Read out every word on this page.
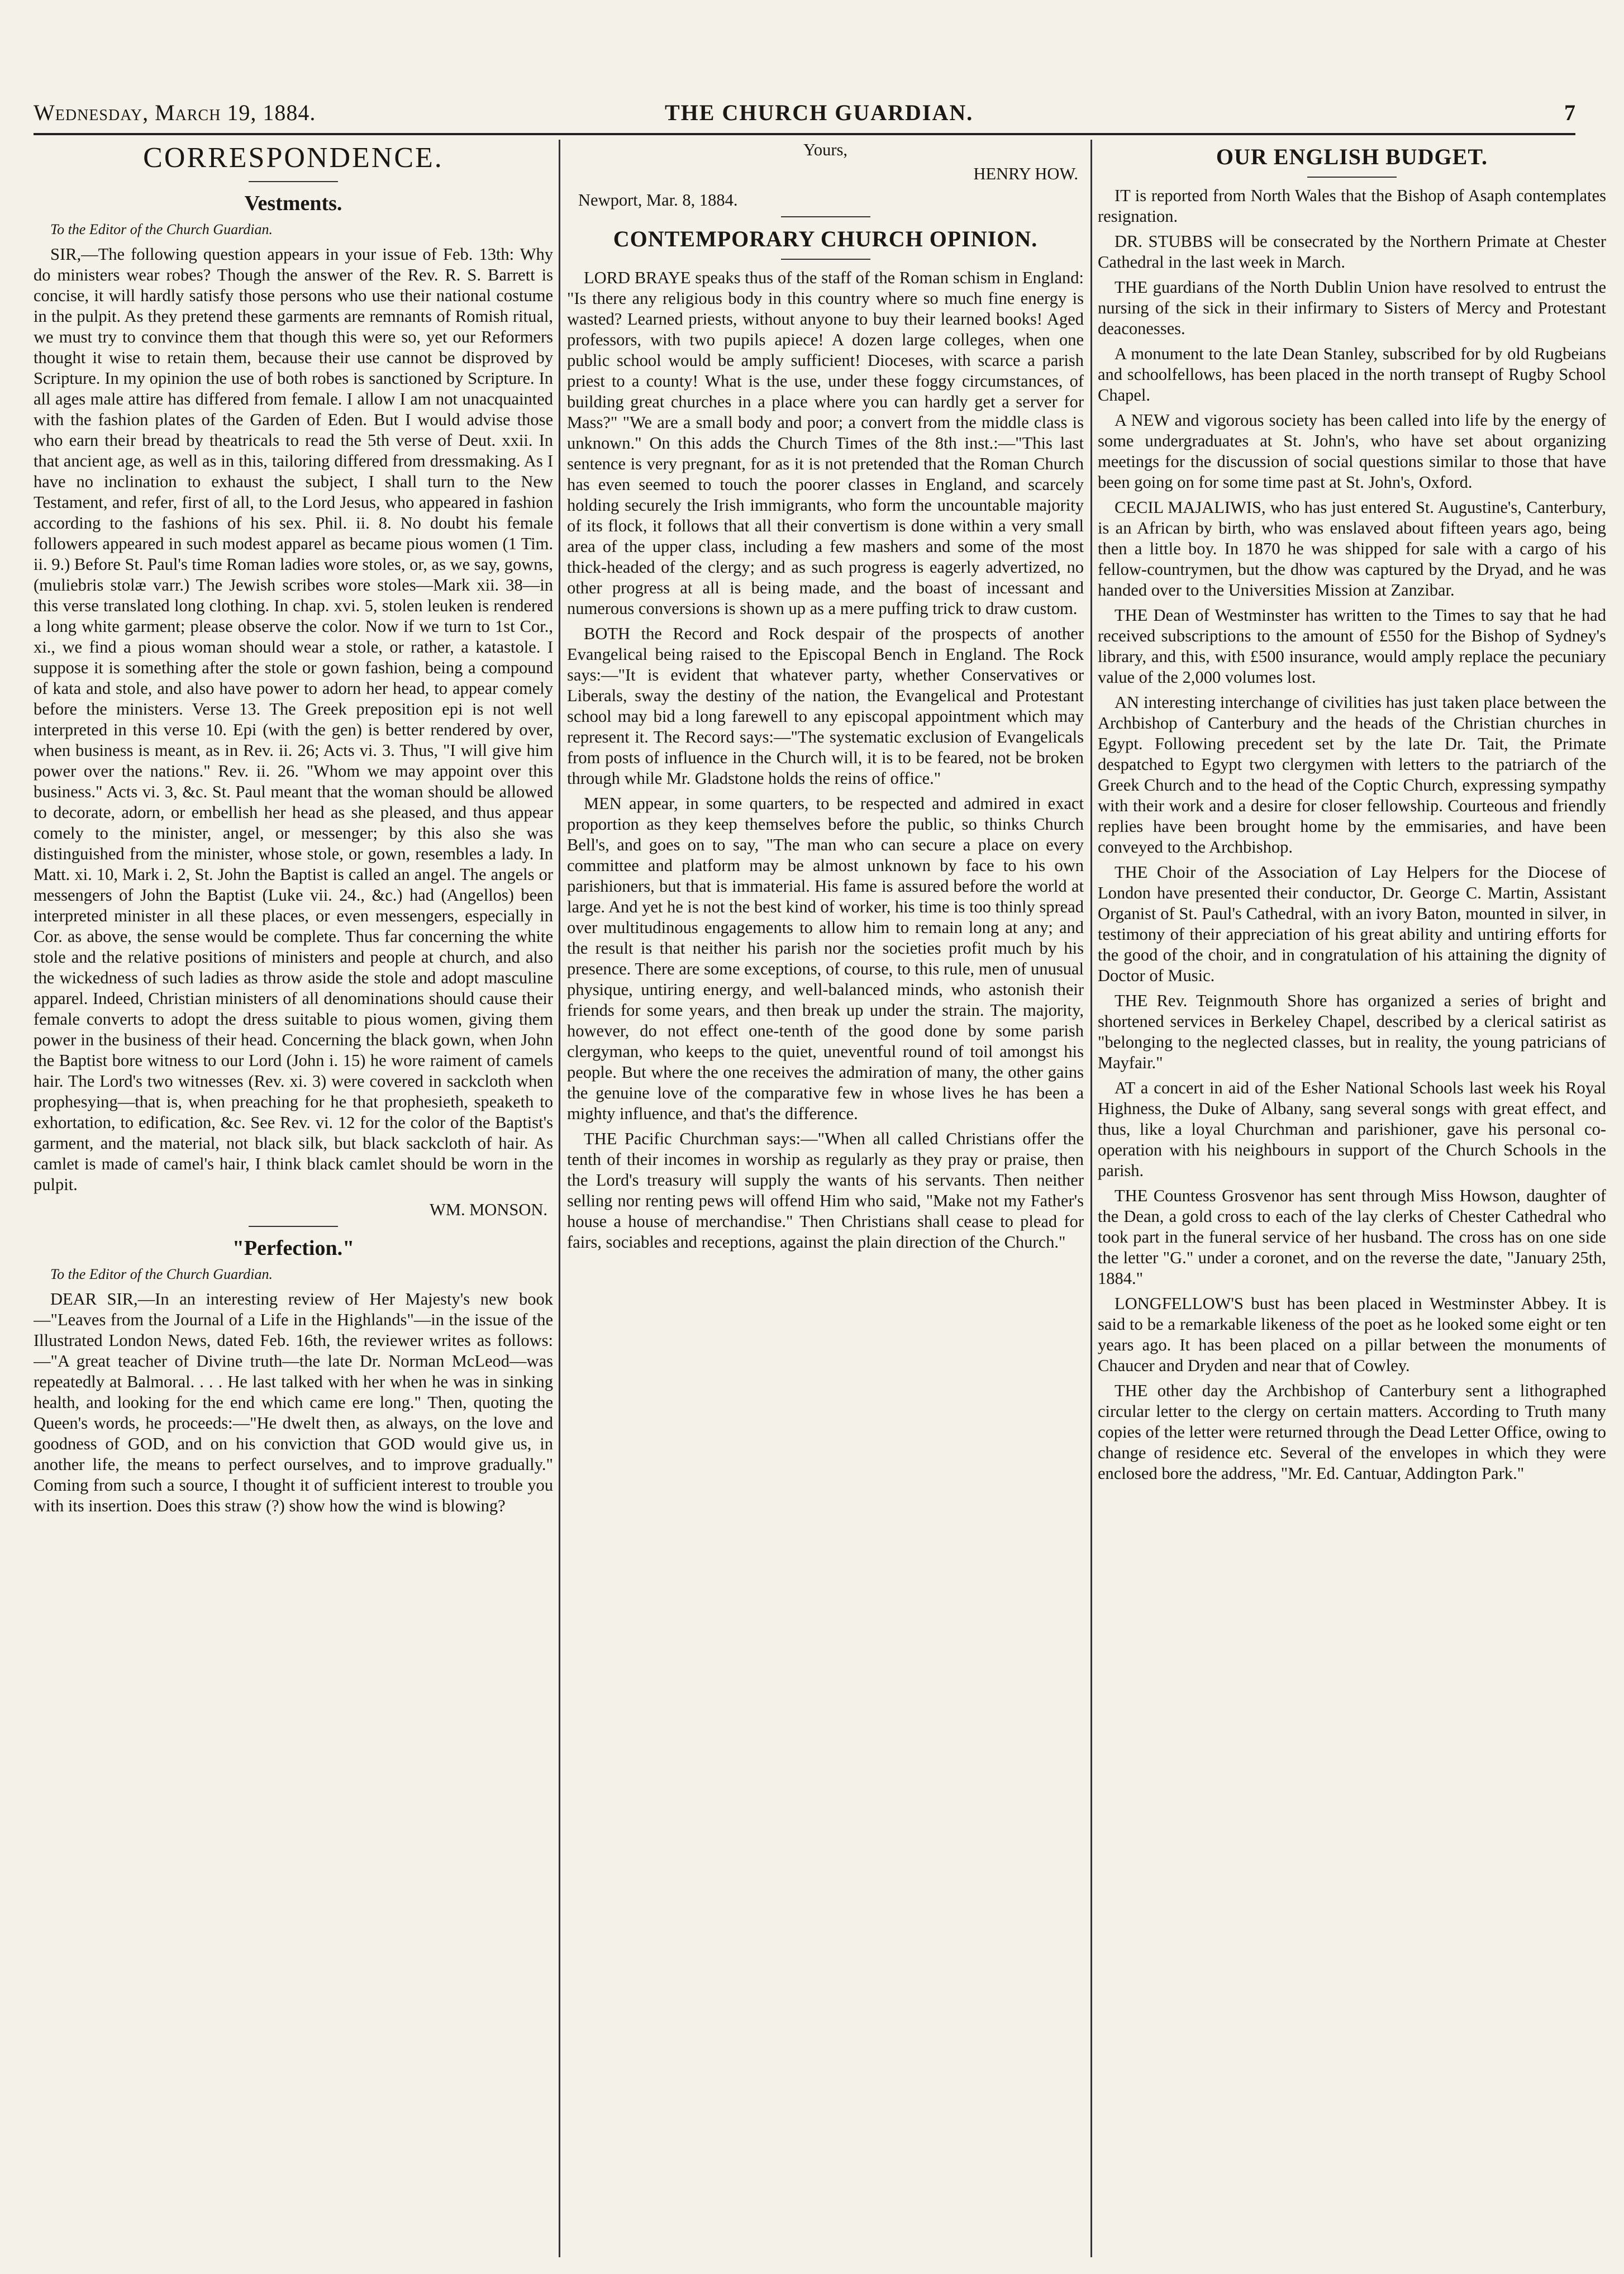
Wednesday, March 19, 1884.	THE CHURCH GUARDIAN.	7
CORRESPONDENCE.
Vestments.

To the Editor of the Church Guardian.

SIR,—The following question appears in your issue of Feb. 13th: Why do ministers wear robes? Though the answer of the Rev. R. S. Barrett is concise, it will hardly satisfy those persons who use their national costume in the pulpit. As they pretend these garments are remnants of Romish ritual, we must try to convince them that though this were so, yet our Reformers thought it wise to retain them, because their use cannot be disproved by Scripture. In my opinion the use of both robes is sanctioned by Scripture. In all ages male attire has differed from female. I allow I am not unacquainted with the fashion plates of the Garden of Eden. But I would advise those who earn their bread by theatricals to read the 5th verse of Deut. xxii. In that ancient age, as well as in this, tailoring differed from dressmaking. As I have no inclination to exhaust the subject, I shall turn to the New Testament, and refer, first of all, to the Lord Jesus, who appeared in fashion according to the fashions of his sex. Phil. ii. 8. No doubt his female followers appeared in such modest apparel as became pious women (1 Tim. ii. 9.) Before St. Paul's time Roman ladies wore stoles, or, as we say, gowns, (muliebris stolæ varr.) The Jewish scribes wore stoles—Mark xii. 38—in this verse translated long clothing. In chap. xvi. 5, stolen leuken is rendered a long white garment; please observe the color. Now if we turn to 1st Cor., xi., we find a pious woman should wear a stole, or rather, a katastole. I suppose it is something after the stole or gown fashion, being a compound of kata and stole, and also have power to adorn her head, to appear comely before the ministers. Verse 13. The Greek preposition epi is not well interpreted in this verse 10. Epi (with the gen) is better rendered by over, when business is meant, as in Rev. ii. 26; Acts vi. 3. Thus, "I will give him power over the nations." Rev. ii. 26. "Whom we may appoint over this business." Acts vi. 3, &c. St. Paul meant that the woman should be allowed to decorate, adorn, or embellish her head as she pleased, and thus appear comely to the minister, angel, or messenger; by this also she was distinguished from the minister, whose stole, or gown, resembles a lady. In Matt. xi. 10, Mark i. 2, St. John the Baptist is called an angel. The angels or messengers of John the Baptist (Luke vii. 24., &c.) had (Angellos) been interpreted minister in all these places, or even messengers, especially in Cor. as above, the sense would be complete. Thus far concerning the white stole and the relative positions of ministers and people at church, and also the wickedness of such ladies as throw aside the stole and adopt masculine apparel. Indeed, Christian ministers of all denominations should cause their female converts to adopt the dress suitable to pious women, giving them power in the business of their head. Concerning the black gown, when John the Baptist bore witness to our Lord (John i. 15) he wore raiment of camels hair. The Lord's two witnesses (Rev. xi. 3) were covered in sackcloth when prophesying—that is, when preaching for he that prophesieth, speaketh to exhortation, to edification, &c. See Rev. vi. 12 for the color of the Baptist's garment, and the material, not black silk, but black sackcloth of hair. As camlet is made of camel's hair, I think black camlet should be worn in the pulpit.

WM. MONSON.
"Perfection."

To the Editor of the Church Guardian.

DEAR SIR,—In an interesting review of Her Majesty's new book—"Leaves from the Journal of a Life in the Highlands"—in the issue of the Illustrated London News, dated Feb. 16th, the reviewer writes as follows:—"A great teacher of Divine truth—the late Dr. Norman McLeod—was repeatedly at Balmoral. . . . He last talked with her when he was in sinking health, and looking for the end which came ere long." Then, quoting the Queen's words, he proceeds:—"He dwelt then, as always, on the love and goodness of GOD, and on his conviction that GOD would give us, in another life, the means to perfect ourselves, and to improve gradually." Coming from such a source, I thought it of sufficient interest to trouble you with its insertion. Does this straw (?) show how the wind is blowing?

Yours,
HENRY HOW.
Newport, Mar. 8, 1884.
CONTEMPORARY CHURCH OPINION.

LORD BRAYE speaks thus of the staff of the Roman schism in England: "Is there any religious body in this country where so much fine energy is wasted? Learned priests, without anyone to buy their learned books! Aged professors, with two pupils apiece! A dozen large colleges, when one public school would be amply sufficient! Dioceses, with scarce a parish priest to a county! What is the use, under these foggy circumstances, of building great churches in a place where you can hardly get a server for Mass?" "We are a small body and poor; a convert from the middle class is unknown." On this adds the Church Times of the 8th inst.:—"This last sentence is very pregnant, for as it is not pretended that the Roman Church has even seemed to touch the poorer classes in England, and scarcely holding securely the Irish immigrants, who form the uncountable majority of its flock, it follows that all their convertism is done within a very small area of the upper class, including a few mashers and some of the most thick-headed of the clergy; and as such progress is eagerly advertized, no other progress at all is being made, and the boast of incessant and numerous conversions is shown up as a mere puffing trick to draw custom.

BOTH the Record and Rock despair of the prospects of another Evangelical being raised to the Episcopal Bench in England. The Rock says:—"It is evident that whatever party, whether Conservatives or Liberals, sway the destiny of the nation, the Evangelical and Protestant school may bid a long farewell to any episcopal appointment which may represent it. The Record says:—"The systematic exclusion of Evangelicals from posts of influence in the Church will, it is to be feared, not be broken through while Mr. Gladstone holds the reins of office."

MEN appear, in some quarters, to be respected and admired in exact proportion as they keep themselves before the public, so thinks Church Bell's, and goes on to say, "The man who can secure a place on every committee and platform may be almost unknown by face to his own parishioners, but that is immaterial. His fame is assured before the world at large. And yet he is not the best kind of worker, his time is too thinly spread over multitudinous engagements to allow him to remain long at any; and the result is that neither his parish nor the societies profit much by his presence. There are some exceptions, of course, to this rule, men of unusual physique, untiring energy, and well-balanced minds, who astonish their friends for some years, and then break up under the strain. The majority, however, do not effect one-tenth of the good done by some parish clergyman, who keeps to the quiet, uneventful round of toil amongst his people. But where the one receives the admiration of many, the other gains the genuine love of the comparative few in whose lives he has been a mighty influence, and that's the difference.

THE Pacific Churchman says:—"When all called Christians offer the tenth of their incomes in worship as regularly as they pray or praise, then the Lord's treasury will supply the wants of his servants. Then neither selling nor renting pews will offend Him who said, "Make not my Father's house a house of merchandise." Then Christians shall cease to plead for fairs, sociables and receptions, against the plain direction of the Church."

OUR ENGLISH BUDGET.

IT is reported from North Wales that the Bishop of Asaph contemplates resignation.

DR. STUBBS will be consecrated by the Northern Primate at Chester Cathedral in the last week in March.

THE guardians of the North Dublin Union have resolved to entrust the nursing of the sick in their infirmary to Sisters of Mercy and Protestant deaconesses.

A monument to the late Dean Stanley, subscribed for by old Rugbeians and schoolfellows, has been placed in the north transept of Rugby School Chapel.

A NEW and vigorous society has been called into life by the energy of some undergraduates at St. John's, who have set about organizing meetings for the discussion of social questions similar to those that have been going on for some time past at St. John's, Oxford.

CECIL MAJALIWIS, who has just entered St. Augustine's, Canterbury, is an African by birth, who was enslaved about fifteen years ago, being then a little boy. In 1870 he was shipped for sale with a cargo of his fellow-countrymen, but the dhow was captured by the Dryad, and he was handed over to the Universities Mission at Zanzibar.

THE Dean of Westminster has written to the Times to say that he had received subscriptions to the amount of £550 for the Bishop of Sydney's library, and this, with £500 insurance, would amply replace the pecuniary value of the 2,000 volumes lost.

AN interesting interchange of civilities has just taken place between the Archbishop of Canterbury and the heads of the Christian churches in Egypt. Following precedent set by the late Dr. Tait, the Primate despatched to Egypt two clergymen with letters to the patriarch of the Greek Church and to the head of the Coptic Church, expressing sympathy with their work and a desire for closer fellowship. Courteous and friendly replies have been brought home by the emmisaries, and have been conveyed to the Archbishop.

THE Choir of the Association of Lay Helpers for the Diocese of London have presented their conductor, Dr. George C. Martin, Assistant Organist of St. Paul's Cathedral, with an ivory Baton, mounted in silver, in testimony of their appreciation of his great ability and untiring efforts for the good of the choir, and in congratulation of his attaining the dignity of Doctor of Music.

THE Rev. Teignmouth Shore has organized a series of bright and shortened services in Berkeley Chapel, described by a clerical satirist as "belonging to the neglected classes, but in reality, the young patricians of Mayfair."

AT a concert in aid of the Esher National Schools last week his Royal Highness, the Duke of Albany, sang several songs with great effect, and thus, like a loyal Churchman and parishioner, gave his personal co-operation with his neighbours in support of the Church Schools in the parish.

THE Countess Grosvenor has sent through Miss Howson, daughter of the Dean, a gold cross to each of the lay clerks of Chester Cathedral who took part in the funeral service of her husband. The cross has on one side the letter "G." under a coronet, and on the reverse the date, "January 25th, 1884."

LONGFELLOW'S bust has been placed in Westminster Abbey. It is said to be a remarkable likeness of the poet as he looked some eight or ten years ago. It has been placed on a pillar between the monuments of Chaucer and Dryden and near that of Cowley.

THE other day the Archbishop of Canterbury sent a lithographed circular letter to the clergy on certain matters. According to Truth many copies of the letter were returned through the Dead Letter Office, owing to change of residence etc. Several of the envelopes in which they were enclosed bore the address, "Mr. Ed. Cantuar, Addington Park."
